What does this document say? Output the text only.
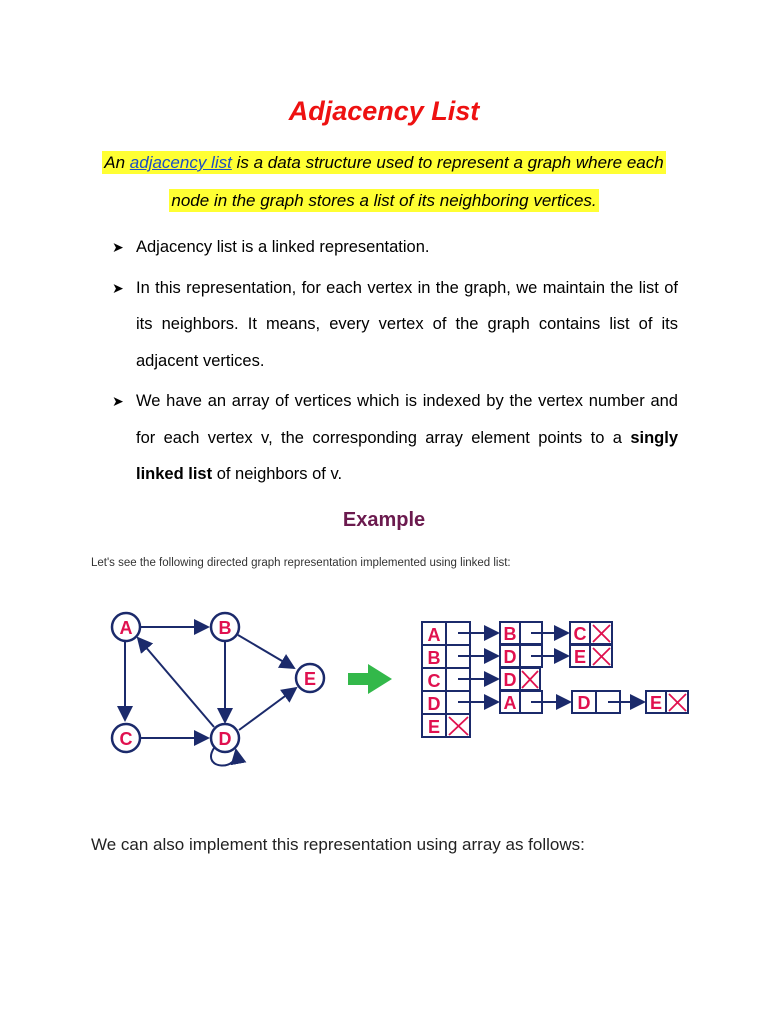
Adjacency List
An adjacency list is a data structure used to represent a graph where each
node in the graph stores a list of its neighboring vertices.
➤ Adjacency list is a linked representation.
➤ In this representation, for each vertex in the graph, we maintain the list of its neighbors. It means, every vertex of the graph contains list of its adjacent vertices.
➤ We have an array of vertices which is indexed by the vertex number and for each vertex v, the corresponding array element points to a singly linked list of neighbors of v.
Example
Let's see the following directed graph representation implemented using linked list:
A	B
C	D
E
A
B
C
D
E
B	C
D	E
D
A	D	E
We can also implement this representation using array as follows:
